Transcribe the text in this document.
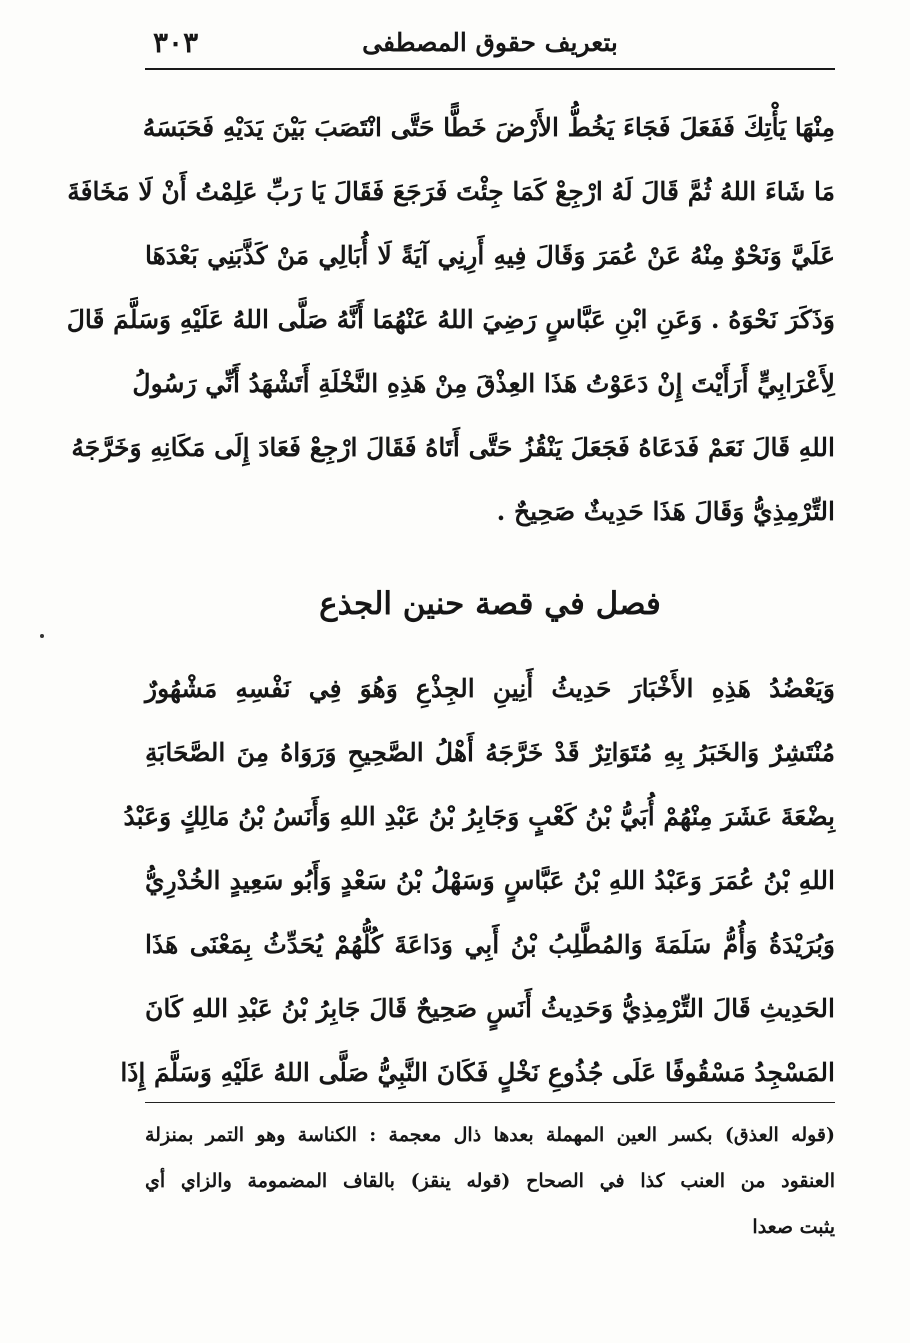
بتعريف حقوق المصطفى
٣٠٣
مِنْهَا يَأْتِكَ فَفَعَلَ فَجَاءَ يَخُطُّ الأَرْضَ خَطًّا حَتَّى انْتَصَبَ بَيْنَ يَدَيْهِ فَحَبَسَهُ
مَا شَاءَ اللهُ ثُمَّ قَالَ لَهُ ارْجِعْ كَمَا جِئْتَ فَرَجَعَ فَقَالَ يَا رَبِّ عَلِمْتُ أَنْ لَا مَخَافَةَ
عَلَيَّ وَنَحْوٌ مِنْهُ عَنْ عُمَرَ وَقَالَ فِيهِ أَرِنِي آيَةً لَا أُبَالِي مَنْ كَذَّبَنِي بَعْدَهَا
وَذَكَرَ نَحْوَهُ . وَعَنِ ابْنِ عَبَّاسٍ رَضِيَ اللهُ عَنْهُمَا أَنَّهُ صَلَّى اللهُ عَلَيْهِ وَسَلَّمَ قَالَ
لِأَعْرَابِيٍّ أَرَأَيْتَ إِنْ دَعَوْتُ هَذَا العِذْقَ مِنْ هَذِهِ النَّخْلَةِ أَتَشْهَدُ أَنِّي رَسُولُ
اللهِ قَالَ نَعَمْ فَدَعَاهُ فَجَعَلَ يَنْقُزُ حَتَّى أَتَاهُ فَقَالَ ارْجِعْ فَعَادَ إِلَى مَكَانِهِ وَخَرَّجَهُ
التِّرْمِذِيُّ وَقَالَ هَذَا حَدِيثٌ صَحِيحٌ .
فصل في قصة حنين الجذع
وَيَعْضُدُ هَذِهِ الأَخْبَارَ حَدِيثُ أَنِينِ الجِذْعِ وَهُوَ فِي نَفْسِهِ مَشْهُورٌ
مُنْتَشِرٌ وَالخَبَرُ بِهِ مُتَوَاتِرٌ قَدْ خَرَّجَهُ أَهْلُ الصَّحِيحِ وَرَوَاهُ مِنَ الصَّحَابَةِ
بِضْعَةَ عَشَرَ مِنْهُمْ أُبَيُّ بْنُ كَعْبٍ وَجَابِرُ بْنُ عَبْدِ اللهِ وَأَنَسُ بْنُ مَالِكٍ وَعَبْدُ
اللهِ بْنُ عُمَرَ وَعَبْدُ اللهِ بْنُ عَبَّاسٍ وَسَهْلُ بْنُ سَعْدٍ وَأَبُو سَعِيدٍ الخُدْرِيُّ
وَبُرَيْدَةُ وَأُمُّ سَلَمَةَ وَالمُطَّلِبُ بْنُ أَبِي وَدَاعَةَ كُلُّهُمْ يُحَدِّثُ بِمَعْنَى هَذَا
الحَدِيثِ قَالَ التِّرْمِذِيُّ وَحَدِيثُ أَنَسٍ صَحِيحٌ قَالَ جَابِرُ بْنُ عَبْدِ اللهِ كَانَ
المَسْجِدُ مَسْقُوفًا عَلَى جُذُوعِ نَخْلٍ فَكَانَ النَّبِيُّ صَلَّى اللهُ عَلَيْهِ وَسَلَّمَ إِذَا
(قوله العذق) بكسر العين المهملة بعدها ذال معجمة : الكناسة وهو التمر بمنزلة
العنقود من العنب كذا في الصحاح (قوله ينقز) بالقاف المضمومة والزاي أي
يثبت صعدا
